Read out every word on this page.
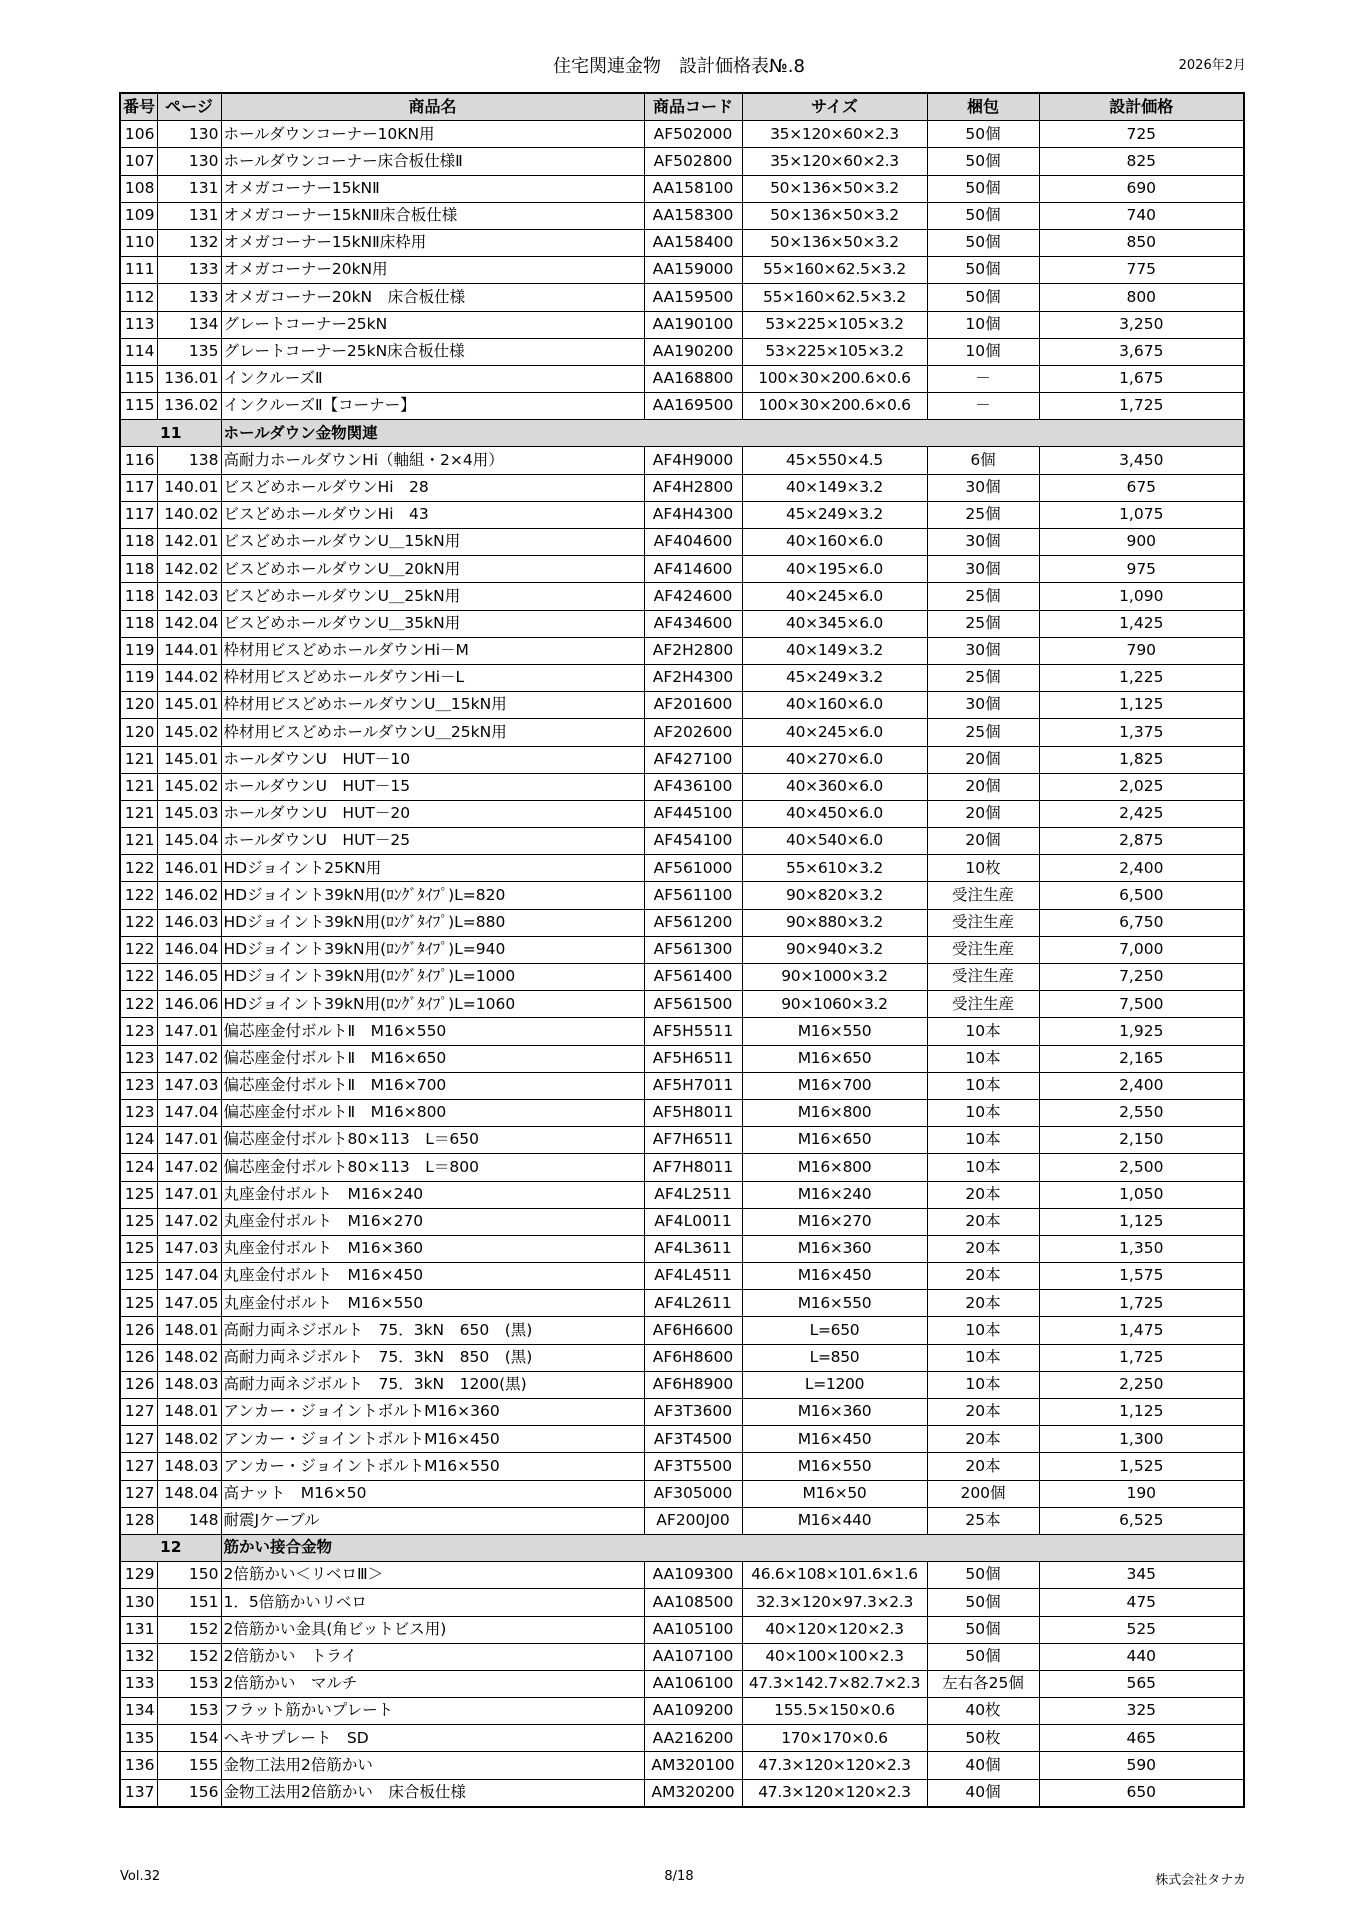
住宅関連金物　設計価格表№.8	2026年2月
番号	ページ	商品名	商品コード	サイズ	梱包	設計価格
106	130	ホールダウンコーナー10KN用	AF502000	35×120×60×2.3	50個	725
107	130	ホールダウンコーナー床合板仕様Ⅱ	AF502800	35×120×60×2.3	50個	825
108	131	オメガコーナー15kNⅡ	AA158100	50×136×50×3.2	50個	690
109	131	オメガコーナー15kNⅡ床合板仕様	AA158300	50×136×50×3.2	50個	740
110	132	オメガコーナー15kNⅡ床枠用	AA158400	50×136×50×3.2	50個	850
111	133	オメガコーナー20kN用	AA159000	55×160×62.5×3.2	50個	775
112	133	オメガコーナー20kN　床合板仕様	AA159500	55×160×62.5×3.2	50個	800
113	134	グレートコーナー25kN	AA190100	53×225×105×3.2	10個	3,250
114	135	グレートコーナー25kN床合板仕様	AA190200	53×225×105×3.2	10個	3,675
115	136.01	インクルーズⅡ	AA168800	100×30×200.6×0.6	－	1,675
115	136.02	インクルーズⅡ【コーナー】	AA169500	100×30×200.6×0.6	－	1,725
11		ホールダウン金物関連				
116	138	高耐力ホールダウンHi（軸組・2×4用）	AF4H9000	45×550×4.5	6個	3,450
117	140.01	ビスどめホールダウンHi　28	AF4H2800	40×149×3.2	30個	675
117	140.02	ビスどめホールダウンHi　43	AF4H4300	45×249×3.2	25個	1,075
118	142.01	ビスどめホールダウンU＿15kN用	AF404600	40×160×6.0	30個	900
118	142.02	ビスどめホールダウンU＿20kN用	AF414600	40×195×6.0	30個	975
118	142.03	ビスどめホールダウンU＿25kN用	AF424600	40×245×6.0	25個	1,090
118	142.04	ビスどめホールダウンU＿35kN用	AF434600	40×345×6.0	25個	1,425
119	144.01	枠材用ビスどめホールダウンHi－M	AF2H2800	40×149×3.2	30個	790
119	144.02	枠材用ビスどめホールダウンHi－L	AF2H4300	45×249×3.2	25個	1,225
120	145.01	枠材用ビスどめホールダウンU＿15kN用	AF201600	40×160×6.0	30個	1,125
120	145.02	枠材用ビスどめホールダウンU＿25kN用	AF202600	40×245×6.0	25個	1,375
121	145.01	ホールダウンU　HUT－10	AF427100	40×270×6.0	20個	1,825
121	145.02	ホールダウンU　HUT－15	AF436100	40×360×6.0	20個	2,025
121	145.03	ホールダウンU　HUT－20	AF445100	40×450×6.0	20個	2,425
121	145.04	ホールダウンU　HUT－25	AF454100	40×540×6.0	20個	2,875
122	146.01	HDジョイント25KN用	AF561000	55×610×3.2	10枚	2,400
122	146.02	HDジョイント39kN用(ﾛﾝｸﾞﾀｲﾌﾟ)L=820	AF561100	90×820×3.2	受注生産	6,500
122	146.03	HDジョイント39kN用(ﾛﾝｸﾞﾀｲﾌﾟ)L=880	AF561200	90×880×3.2	受注生産	6,750
122	146.04	HDジョイント39kN用(ﾛﾝｸﾞﾀｲﾌﾟ)L=940	AF561300	90×940×3.2	受注生産	7,000
122	146.05	HDジョイント39kN用(ﾛﾝｸﾞﾀｲﾌﾟ)L=1000	AF561400	90×1000×3.2	受注生産	7,250
122	146.06	HDジョイント39kN用(ﾛﾝｸﾞﾀｲﾌﾟ)L=1060	AF561500	90×1060×3.2	受注生産	7,500
123	147.01	偏芯座金付ボルトⅡ　M16×550	AF5H5511	M16×550	10本	1,925
123	147.02	偏芯座金付ボルトⅡ　M16×650	AF5H6511	M16×650	10本	2,165
123	147.03	偏芯座金付ボルトⅡ　M16×700	AF5H7011	M16×700	10本	2,400
123	147.04	偏芯座金付ボルトⅡ　M16×800	AF5H8011	M16×800	10本	2,550
124	147.01	偏芯座金付ボルト80×113　L＝650	AF7H6511	M16×650	10本	2,150
124	147.02	偏芯座金付ボルト80×113　L＝800	AF7H8011	M16×800	10本	2,500
125	147.01	丸座金付ボルト　M16×240	AF4L2511	M16×240	20本	1,050
125	147.02	丸座金付ボルト　M16×270	AF4L0011	M16×270	20本	1,125
125	147.03	丸座金付ボルト　M16×360	AF4L3611	M16×360	20本	1,350
125	147.04	丸座金付ボルト　M16×450	AF4L4511	M16×450	20本	1,575
125	147.05	丸座金付ボルト　M16×550	AF4L2611	M16×550	20本	1,725
126	148.01	高耐力両ネジボルト　75．3kN　650　(黒)	AF6H6600	L=650	10本	1,475
126	148.02	高耐力両ネジボルト　75．3kN　850　(黒)	AF6H8600	L=850	10本	1,725
126	148.03	高耐力両ネジボルト　75．3kN　1200(黒)	AF6H8900	L=1200	10本	2,250
127	148.01	アンカー・ジョイントボルトM16×360	AF3T3600	M16×360	20本	1,125
127	148.02	アンカー・ジョイントボルトM16×450	AF3T4500	M16×450	20本	1,300
127	148.03	アンカー・ジョイントボルトM16×550	AF3T5500	M16×550	20本	1,525
127	148.04	高ナット　M16×50	AF305000	M16×50	200個	190
128	148	耐震Jケーブル	AF200J00	M16×440	25本	6,525
12		筋かい接合金物				
129	150	2倍筋かい＜リベロⅢ＞	AA109300	46.6×108×101.6×1.6	50個	345
130	151	1．5倍筋かいリベロ	AA108500	32.3×120×97.3×2.3	50個	475
131	152	2倍筋かい金具(角ビットビス用)	AA105100	40×120×120×2.3	50個	525
132	152	2倍筋かい　トライ	AA107100	40×100×100×2.3	50個	440
133	153	2倍筋かい　マルチ	AA106100	47.3×142.7×82.7×2.3	左右各25個	565
134	153	フラット筋かいプレート	AA109200	155.5×150×0.6	40枚	325
135	154	ヘキサプレート　SD	AA216200	170×170×0.6	50枚	465
136	155	金物工法用2倍筋かい	AM320100	47.3×120×120×2.3	40個	590
137	156	金物工法用2倍筋かい　床合板仕様	AM320200	47.3×120×120×2.3	40個	650
Vol.32	8/18	株式会社タナカ
